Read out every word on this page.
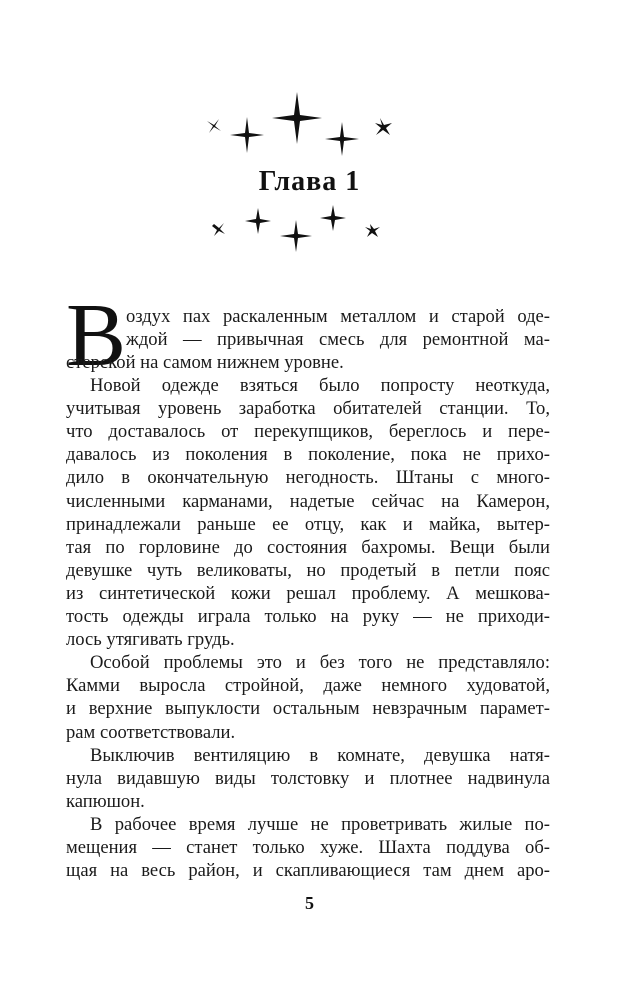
Глава 1
В оздух пах раскаленным металлом и старой оде-
ждой — привычная смесь для ремонтной ма-
стерской на самом нижнем уровне.
Новой одежде взяться было попросту неоткуда,
учитывая уровень заработка обитателей станции. То,
что доставалось от перекупщиков, береглось и пере-
давалось из поколения в поколение, пока не прихо-
дило в окончательную негодность. Штаны с много-
численными карманами, надетые сейчас на Камерон,
принадлежали раньше ее отцу, как и майка, вытер-
тая по горловине до состояния бахромы. Вещи были
девушке чуть великоваты, но продетый в петли пояс
из синтетической кожи решал проблему. А мешкова-
тость одежды играла только на руку — не приходи-
лось утягивать грудь.
Особой проблемы это и без того не представляло:
Камми выросла стройной, даже немного худоватой,
и верхние выпуклости остальным невзрачным парамет-
рам соответствовали.
Выключив вентиляцию в комнате, девушка натя-
нула видавшую виды толстовку и плотнее надвинула
капюшон.
В рабочее время лучше не проветривать жилые по-
мещения — станет только хуже. Шахта поддува об-
щая на весь район, и скапливающиеся там днем аро-
5
